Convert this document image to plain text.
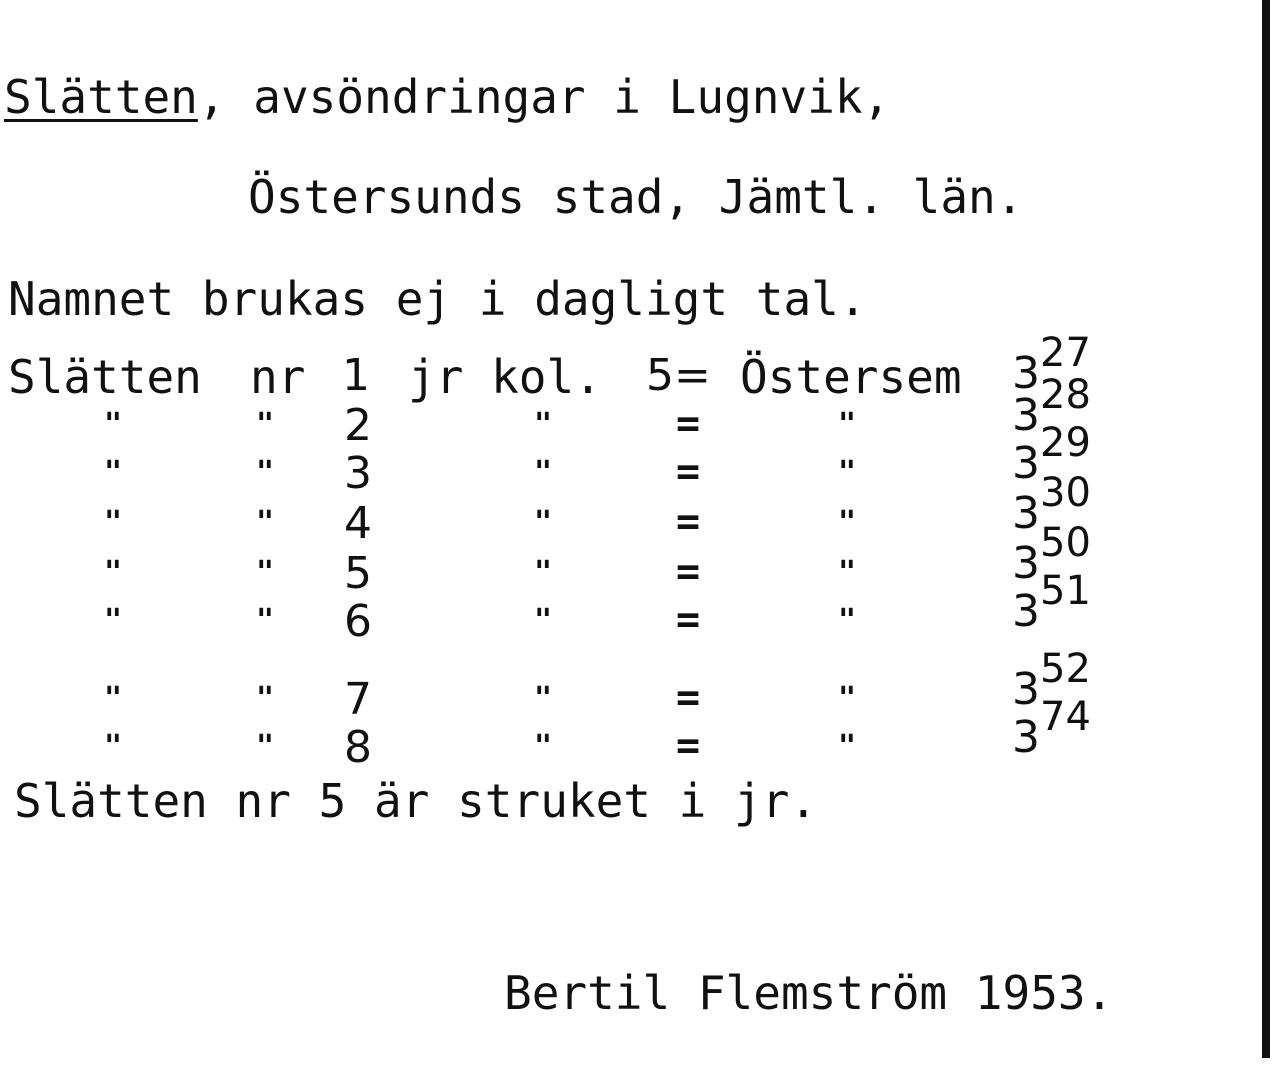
Slätten, avsöndringar i Lugnvik,
Östersunds stad, Jämtl. län.
Namnet brukas ej i dagligt tal.
Slätten nr 1 jr kol. 5= Östersem 327
"	" 2	"	=	"	328
"	" 3	"	=	"	329
"	" 4	"	=	"	330
"	" 5	"	=	"	350
"	" 6	"	=	"	351
"	" 7	"	=	"	352
"	" 8	"	=	"	374
Slätten nr 5 är struket i jr.
Bertil Flemström 1953.
